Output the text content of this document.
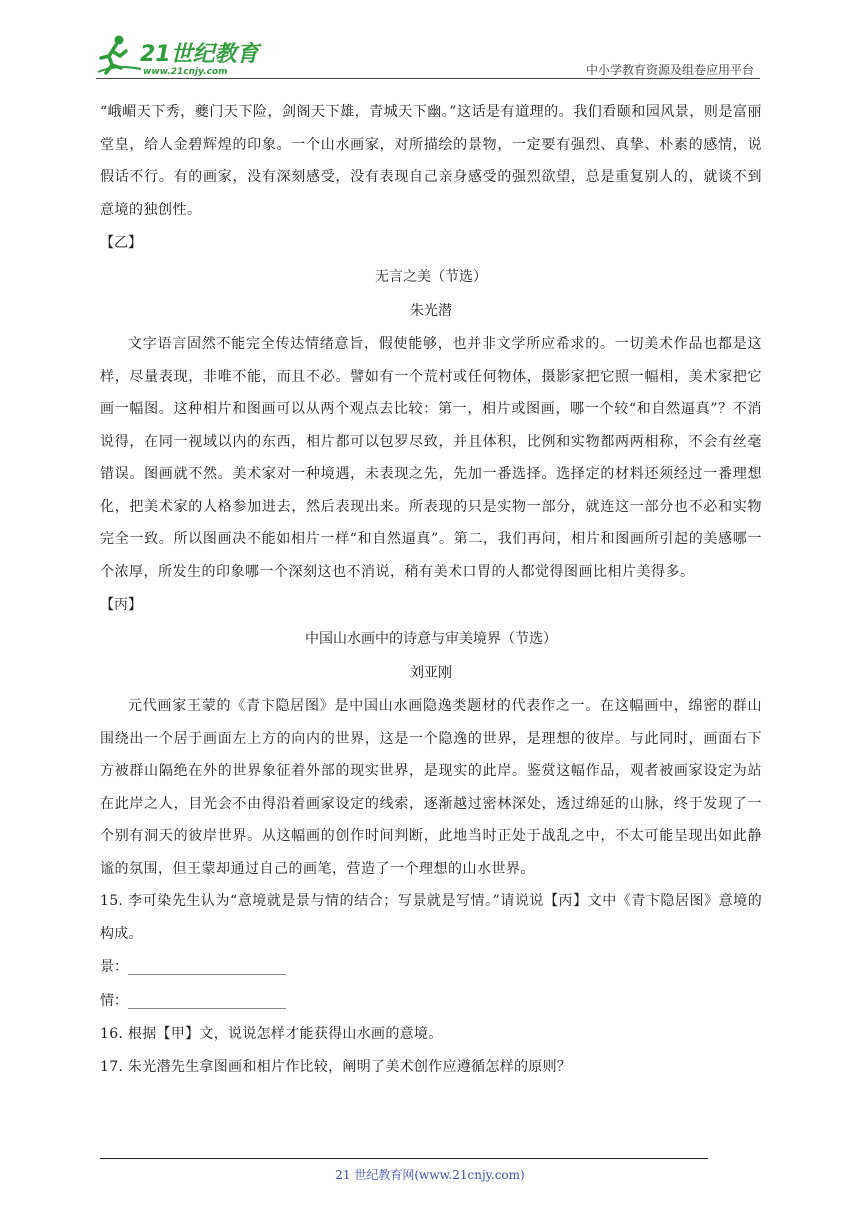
21世纪教育
www.21cnjy.com	中小学教育资源及组卷应用平台

“峨嵋天下秀，夔门天下险，剑阁天下雄，青城天下幽。”这话是有道理的。我们看颐和园风景，则是富丽堂皇，给人金碧辉煌的印象。一个山水画家，对所描绘的景物，一定要有强烈、真挚、朴素的感情，说假话不行。有的画家，没有深刻感受，没有表现自己亲身感受的强烈欲望，总是重复别人的，就谈不到意境的独创性。

【乙】

无言之美（节选）

朱光潜

文字语言固然不能完全传达情绪意旨，假使能够，也并非文学所应希求的。一切美术作品也都是这样，尽量表现，非唯不能，而且不必。譬如有一个荒村或任何物体，摄影家把它照一幅相，美术家把它画一幅图。这种相片和图画可以从两个观点去比较：第一，相片或图画，哪一个较“和自然逼真”？不消说得，在同一视域以内的东西，相片都可以包罗尽致，并且体积，比例和实物都两两相称，不会有丝毫错误。图画就不然。美术家对一种境遇，未表现之先，先加一番选择。选择定的材料还须经过一番理想化，把美术家的人格参加进去，然后表现出来。所表现的只是实物一部分，就连这一部分也不必和实物完全一致。所以图画决不能如相片一样“和自然逼真”。第二，我们再问，相片和图画所引起的美感哪一个浓厚，所发生的印象哪一个深刻这也不消说，稍有美术口胃的人都觉得图画比相片美得多。

【丙】

中国山水画中的诗意与审美境界（节选）

刘亚刚

元代画家王蒙的《青卞隐居图》是中国山水画隐逸类题材的代表作之一。在这幅画中，绵密的群山围绕出一个居于画面左上方的向内的世界，这是一个隐逸的世界，是理想的彼岸。与此同时，画面右下方被群山隔绝在外的世界象征着外部的现实世界，是现实的此岸。鉴赏这幅作品，观者被画家设定为站在此岸之人，目光会不由得沿着画家设定的线索，逐渐越过密林深处，透过绵延的山脉，终于发现了一个别有洞天的彼岸世界。从这幅画的创作时间判断，此地当时正处于战乱之中，不太可能呈现出如此静谧的氛围，但王蒙却通过自己的画笔，营造了一个理想的山水世界。

15. 李可染先生认为“意境就是景与情的结合；写景就是写情。”请说说【丙】文中《青卞隐居图》意境的构成。

景：

情：

16. 根据【甲】文，说说怎样才能获得山水画的意境。

17. 朱光潜先生拿图画和相片作比较，阐明了美术创作应遵循怎样的原则？

21 世纪教育网(www.21cnjy.com)
